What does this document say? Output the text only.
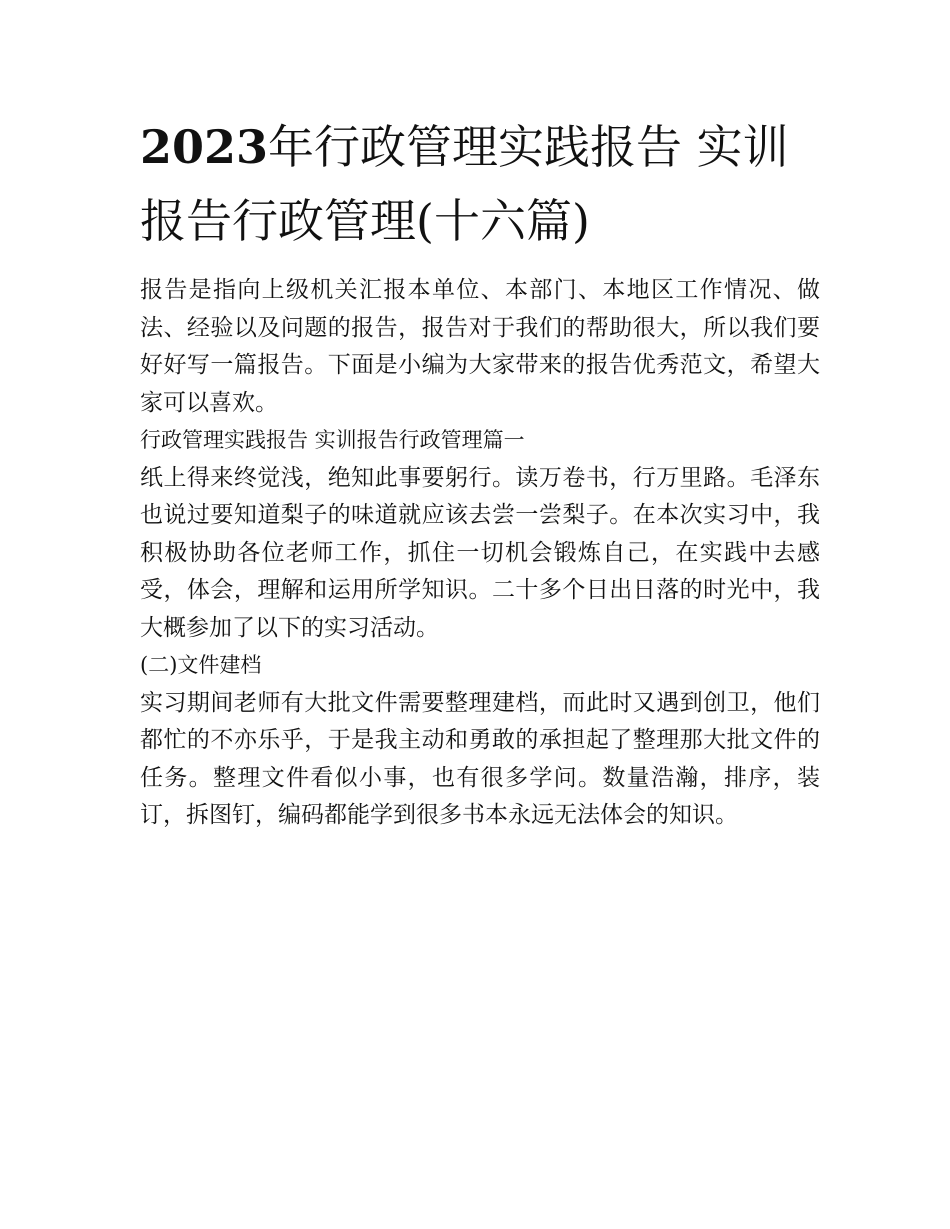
2023年行政管理实践报告 实训报告行政管理(十六篇)

报告是指向上级机关汇报本单位、本部门、本地区工作情况、做法、经验以及问题的报告，报告对于我们的帮助很大，所以我们要好好写一篇报告。下面是小编为大家带来的报告优秀范文，希望大家可以喜欢。

行政管理实践报告 实训报告行政管理篇一

纸上得来终觉浅，绝知此事要躬行。读万卷书，行万里路。毛泽东也说过要知道梨子的味道就应该去尝一尝梨子。在本次实习中，我积极协助各位老师工作，抓住一切机会锻炼自己，在实践中去感受，体会，理解和运用所学知识。二十多个日出日落的时光中，我大概参加了以下的实习活动。

(二)文件建档

实习期间老师有大批文件需要整理建档，而此时又遇到创卫，他们都忙的不亦乐乎，于是我主动和勇敢的承担起了整理那大批文件的任务。整理文件看似小事，也有很多学问。数量浩瀚，排序，装订，拆图钉，编码都能学到很多书本永远无法体会的知识。
